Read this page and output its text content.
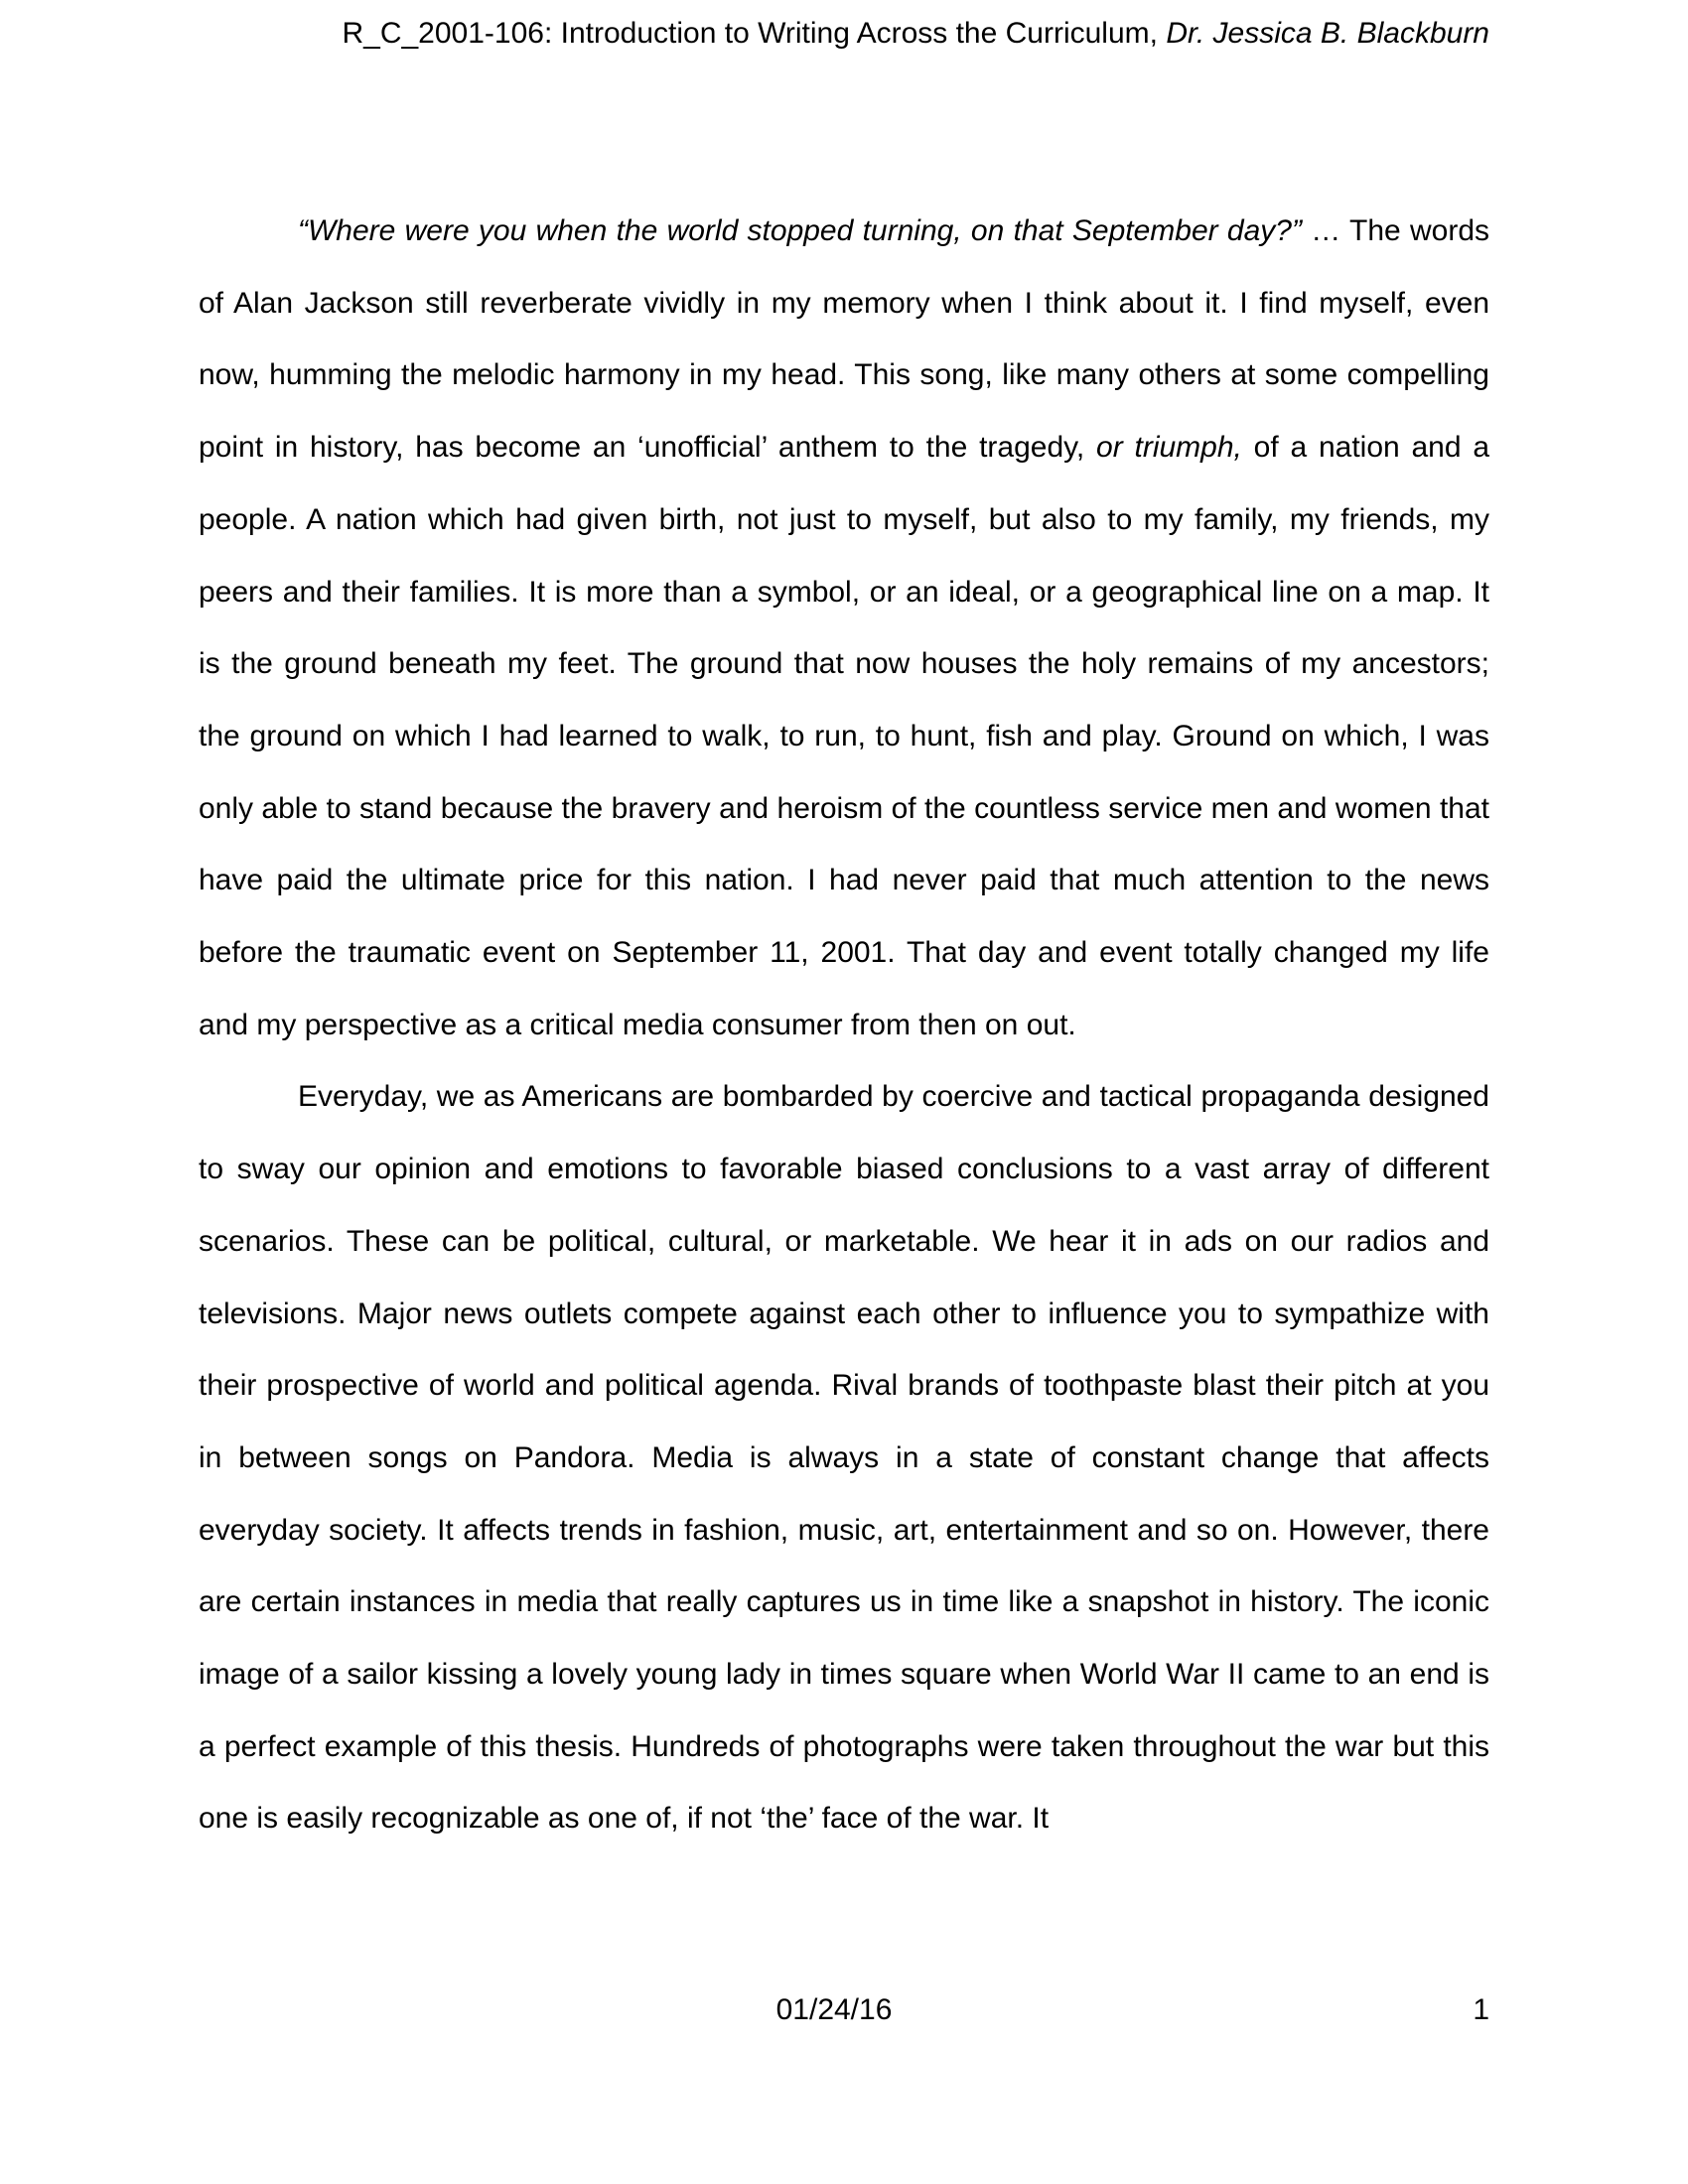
R_C_2001-106: Introduction to Writing Across the Curriculum, Dr. Jessica B. Blackburn

“Where were you when the world stopped turning, on that September day?” … The words of Alan Jackson still reverberate vividly in my memory when I think about it. I find myself, even now, humming the melodic harmony in my head. This song, like many others at some compelling point in history, has become an ‘unofficial’ anthem to the tragedy, or triumph, of a nation and a people. A nation which had given birth, not just to myself, but also to my family, my friends, my peers and their families. It is more than a symbol, or an ideal, or a geographical line on a map. It is the ground beneath my feet. The ground that now houses the holy remains of my ancestors; the ground on which I had learned to walk, to run, to hunt, fish and play. Ground on which, I was only able to stand because the bravery and heroism of the countless service men and women that have paid the ultimate price for this nation. I had never paid that much attention to the news before the traumatic event on September 11, 2001. That day and event totally changed my life and my perspective as a critical media consumer from then on out.

Everyday, we as Americans are bombarded by coercive and tactical propaganda designed to sway our opinion and emotions to favorable biased conclusions to a vast array of different scenarios. These can be political, cultural, or marketable. We hear it in ads on our radios and televisions. Major news outlets compete against each other to influence you to sympathize with their prospective of world and political agenda. Rival brands of toothpaste blast their pitch at you in between songs on Pandora. Media is always in a state of constant change that affects everyday society. It affects trends in fashion, music, art, entertainment and so on. However, there are certain instances in media that really captures us in time like a snapshot in history. The iconic image of a sailor kissing a lovely young lady in times square when World War II came to an end is a perfect example of this thesis. Hundreds of photographs were taken throughout the war but this one is easily recognizable as one of, if not ‘the’ face of the war. It

01/24/16	1
